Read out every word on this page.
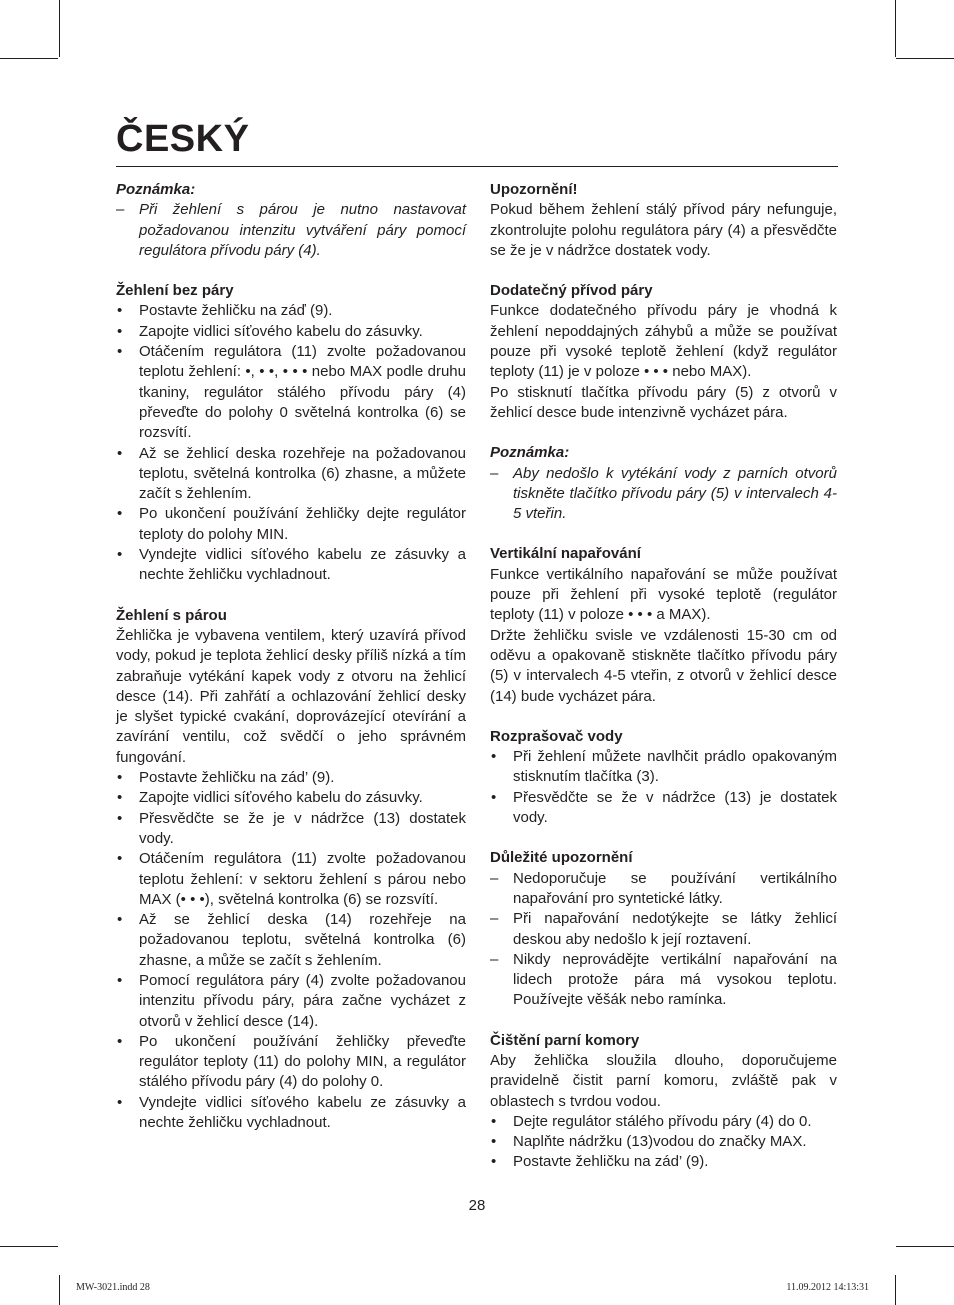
ČESKÝ
Poznámka:
– Při žehlení s párou je nutno nastavovat požadovanou intenzitu vytváření páry pomocí regulátora přívodu páry (4).
Žehlení bez páry
• Postavte žehličku na záď (9).
• Zapojte vidlici síťového kabelu do zásuvky.
• Otáčením regulátora (11) zvolte požadovanou teplotu žehlení: •, • •, • • • nebo MAX podle druhu tkaniny, regulátor stálého přívodu páry (4) převeďte do polohy 0 světelná kontrolka (6) se rozsvítí.
• Až se žehlicí deska rozehřeje na požadovanou teplotu, světelná kontrolka (6) zhasne, a můžete začít s žehlením.
• Po ukončení používání žehličky dejte regulátor teploty do polohy MIN.
• Vyndejte vidlici síťového kabelu ze zásuvky a nechte žehličku vychladnout.
Žehlení s párou
Žehlička je vybavena ventilem, který uzavírá přívod vody, pokud je teplota žehlicí desky příliš nízká a tím zabraňuje vytékání kapek vody z otvoru na žehlicí desce (14). Při zahřátí a ochlazování žehlicí desky je slyšet typické cvakání, doprovázející otevírání a zavírání ventilu, což svědčí o jeho správném fungování.
• Postavte žehličku na zád’ (9).
• Zapojte vidlici síťového kabelu do zásuvky.
• Přesvědčte se že je v nádržce (13) dostatek vody.
• Otáčením regulátora (11) zvolte požadovanou teplotu žehlení: v sektoru žehlení s párou nebo MAX (• • •), světelná kontrolka (6) se rozsvítí.
• Až se žehlicí deska (14) rozehřeje na požadovanou teplotu, světelná kontrolka (6) zhasne, a může se začít s žehlením.
• Pomocí regulátora páry (4) zvolte požadovanou intenzitu přívodu páry, pára začne vycházet z otvorů v žehlicí desce (14).
• Po ukončení používání žehličky převeďte regulátor teploty (11) do polohy MIN, a regulátor stálého přívodu páry (4) do polohy 0.
• Vyndejte vidlici síťového kabelu ze zásuvky a nechte žehličku vychladnout.
Upozornění!
Pokud během žehlení stálý přívod páry nefunguje, zkontrolujte polohu regulátora páry (4) a přesvědčte se že je v nádržce dostatek vody.
Dodatečný přívod páry
Funkce dodatečného přívodu páry je vhodná k žehlení nepoddajných záhybů a může se používat pouze při vysoké teplotě žehlení (když regulátor teploty (11) je v poloze • • • nebo MAX).
Po stisknutí tlačítka přívodu páry (5) z otvorů v žehlicí desce bude intenzivně vycházet pára.
Poznámka:
– Aby nedošlo k vytékání vody z parních otvorů tiskněte tlačítko přívodu páry (5) v intervalech 4-5 vteřin.
Vertikální napařování
Funkce vertikálního napařování se může používat pouze při žehlení při vysoké teplotě (regulátor teploty (11) v poloze • • • a MAX).
Držte žehličku svisle ve vzdálenosti 15-30 cm od oděvu a opakovaně stiskněte tlačítko přívodu páry (5) v intervalech 4-5 vteřin, z otvorů v žehlicí desce (14) bude vycházet pára.
Rozprašovač vody
• Při žehlení můžete navlhčit prádlo opakovaným stisknutím tlačítka (3).
• Přesvědčte se že v nádržce (13) je dostatek vody.
Důležité upozornění
– Nedoporučuje se používání vertikálního napařování pro syntetické látky.
– Při napařování nedotýkejte se látky žehlicí deskou aby nedošlo k její roztavení.
– Nikdy neprovádějte vertikální napařování na lidech protože pára má vysokou teplotu. Používejte věšák nebo ramínka.
Čištění parní komory
Aby žehlička sloužila dlouho, doporučujeme pravidelně čistit parní komoru, zvláště pak v oblastech s tvrdou vodou.
• Dejte regulátor stálého přívodu páry (4) do 0.
• Naplňte nádržku (13)vodou do značky MAX.
• Postavte žehličku na zád’ (9).
28
MW-3021.indd 28	11.09.2012 14:13:31
